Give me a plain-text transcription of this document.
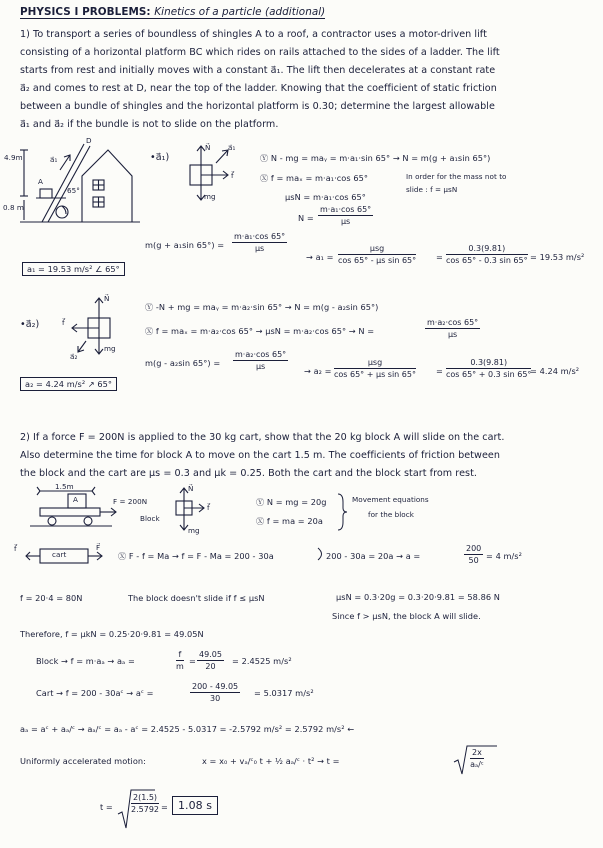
PHYSICS I PROBLEMS: Kinetics of a particle (additional)
1) To transport a series of boundless of shingles A to a roof, a contractor uses a motor-driven lift
consisting of a horizontal platform BC which rides on rails attached to the sides of a ladder. The lift
starts from rest and initially moves with a constant a⃗₁. The lift then decelerates at a constant rate
a⃗₂ and comes to rest at D, near the top of the ladder. Knowing that the coefficient of static friction
between a bundle of shingles and the horizontal platform is 0.30; determine the largest allowable
a⃗₁ and a⃗₂ if the bundle is not to slide on the platform.
4.9m	a⃗₁
D
A
65°
0.8 m
•a⃗₁)
N⃗ a⃗₁
f⃗
mg
Ⓨ N - mg = maᵧ = m·a₁·sin 65° → N = m(g + a₁sin 65°)
Ⓧ f = maₓ = m·a₁·cos 65°
μsN = m·a₁·cos 65°
In order for the mass not to
slide : f = μsN
$N = \frac{\text{m·a₁·cos 65°}}{\mu s}$
m(g + a₁sin $65^\circ) = \frac{\text{m·a₁·cos 65°}}{\mu s}$
→ a₁ =
μsg
cos 65° - μs $\sin 65^\circ = \frac{0.3(9.81)}{\cos 65^\circ - 0.3 \sin 65^\circ} = 19.53$ m/s²
a₁ = 19.53 m/s² ∠ 65°
•a⃗₂)
N⃗
f⃗
a⃗₂
mg
Ⓨ -N + mg = maᵧ = m·a₂·sin 65° → N = m(g - a₂sin 65°)
Ⓧ f = maₓ = m·a₂·cos 65° → μsN = m·a₂·cos 65° → N =	$\frac{\text{m·a₂·cos 65°}}{\mu s}$
m(g - a₂sin $65^\circ) = \frac{\text{m·a₂·cos 65°}}{\mu s} \to a_2$ =
μsg
cos 65° + μs $\sin 65^\circ = \frac{0.3(9.81)}{\cos 65^\circ + 0.3 \sin 65^\circ}$
= 4.24 m/s²
a₂ = 4.24 m/s² ↗ 65°
2) If a force F = 200N is applied to the 30 kg cart, show that the 20 kg block A will slide on the cart.
Also determine the time for block A to move on the cart 1.5 m. The coefficients of friction between
the block and the cart are μs = 0.3 and μk = 0.25. Both the cart and the block start from rest.
1.5m
A	F = 200N
Block
N⃗
f⃗
mg
Ⓨ N = mg = 20g
Ⓧ f = ma = 20a
Movement equations
for the block
f⃗
cart
F⃗
Ⓧ F - f = Ma → f = F - Ma = 200 - 30a	200 - 30a = 20a → a =	$\frac{200}{50} = 4$ m/s²
f = 20·4 = 80N	The block doesn't slide if f ≤ μsN	μsN = 0.3·20g = 0.3·20·9.81 = 58.86 N
Since f > μsN, the block A will slide.
Therefore, f = μkN = 0.25·20·9.81 = 49.05N
Block → f = m·aₐ → aₐ =	$\frac{f}{m} = \frac{49.05}{20} = 2.4525$ m/s²
Cart → f = 200 - 30aᶜ → aᶜ =	$\frac{200 - 49.05}{30} = 5.0317$ m/s²
aₐ = aᶜ + aₐ/ᶜ → aₐ/ᶜ = aₐ - aᶜ = 2.4525 - 5.0317 = -2.5792 m/s² = 2.5792 m/s² ←
Uniformly accelerated motion:	x = x₀ + vₐ/ᶜ₀ t + ½ aₐ/ᶜ · t² → t =	$\frac{2x}{\text{aₐ/ᶜ}}$
$t = \frac{2(1.5)}{2.5792} = 1.08$ s
